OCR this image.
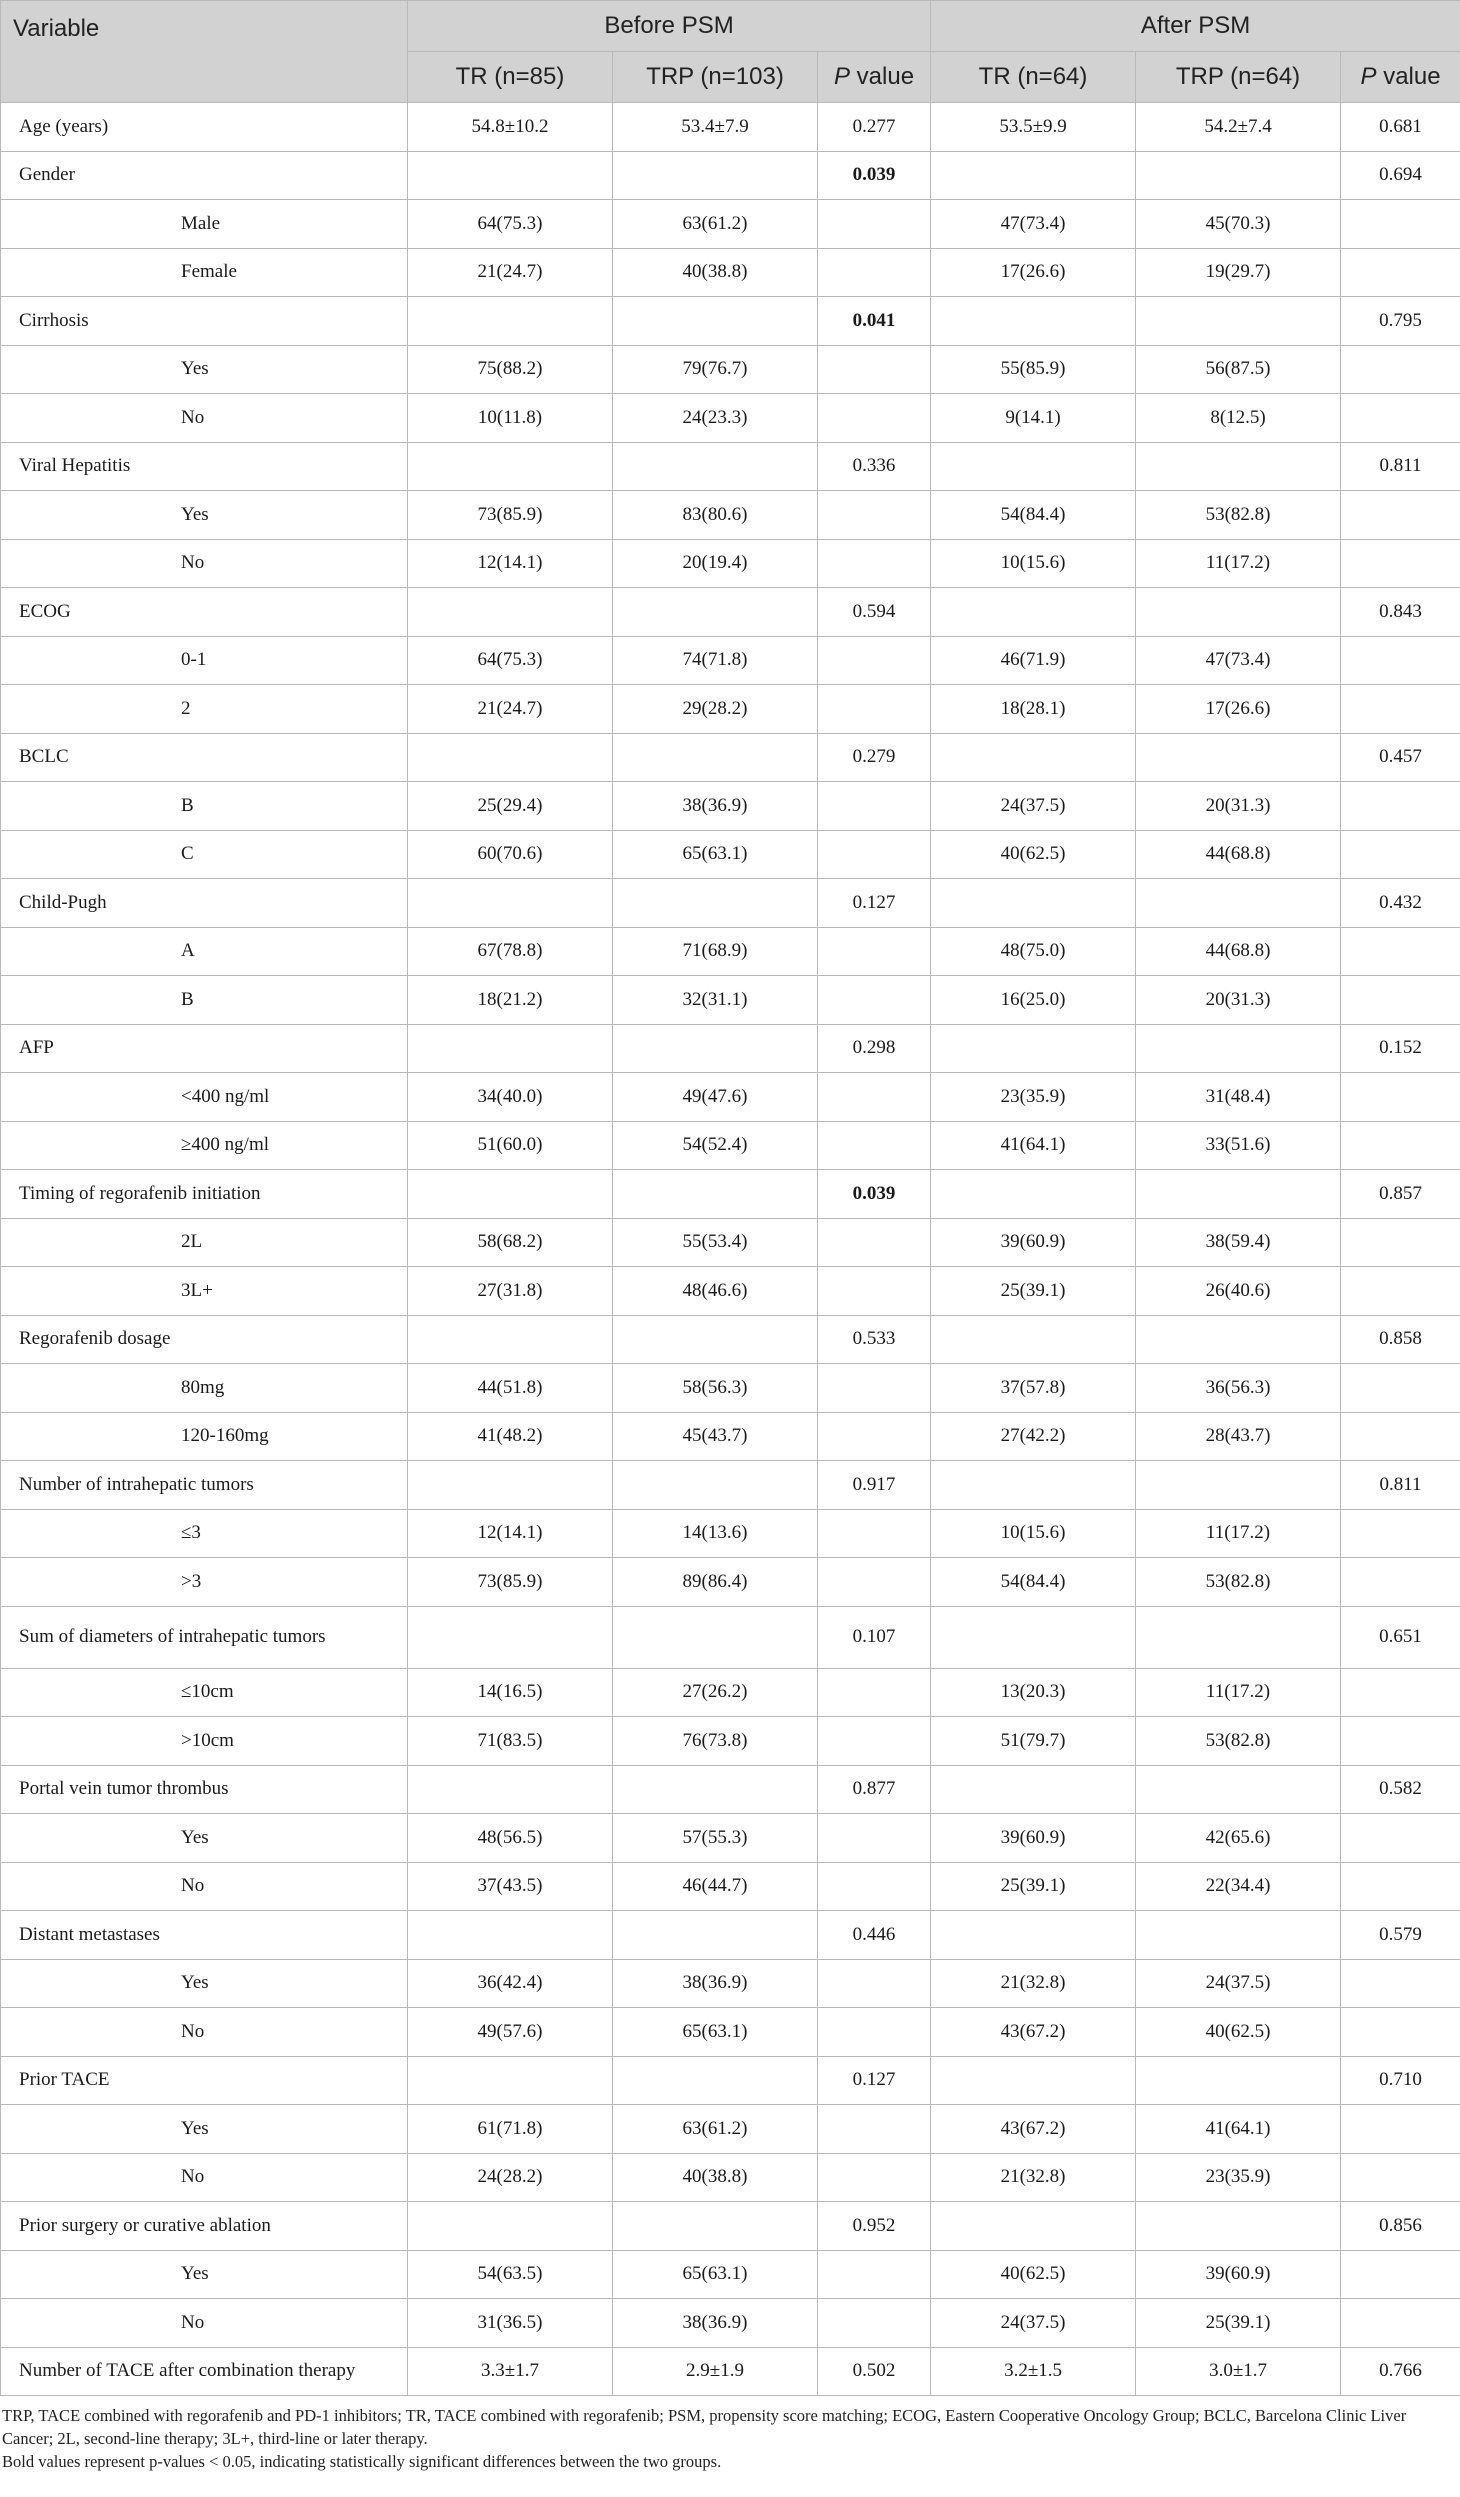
Variable	Before PSM			After PSM		
	TR (n=85)	TRP (n=103)	P value	TR (n=64)	TRP (n=64)	P value
Age (years)	54.8±10.2	53.4±7.9	0.277	53.5±9.9	54.2±7.4	0.681
Gender			0.039			0.694
Male	64(75.3)	63(61.2)		47(73.4)	45(70.3)	
Female	21(24.7)	40(38.8)		17(26.6)	19(29.7)	
Cirrhosis			0.041			0.795
Yes	75(88.2)	79(76.7)		55(85.9)	56(87.5)	
No	10(11.8)	24(23.3)		9(14.1)	8(12.5)	
Viral Hepatitis			0.336			0.811
Yes	73(85.9)	83(80.6)		54(84.4)	53(82.8)	
No	12(14.1)	20(19.4)		10(15.6)	11(17.2)	
ECOG			0.594			0.843
0-1	64(75.3)	74(71.8)		46(71.9)	47(73.4)	
2	21(24.7)	29(28.2)		18(28.1)	17(26.6)	
BCLC			0.279			0.457
B	25(29.4)	38(36.9)		24(37.5)	20(31.3)	
C	60(70.6)	65(63.1)		40(62.5)	44(68.8)	
Child-Pugh			0.127			0.432
A	67(78.8)	71(68.9)		48(75.0)	44(68.8)	
B	18(21.2)	32(31.1)		16(25.0)	20(31.3)	
AFP			0.298			0.152
<400 ng/ml	34(40.0)	49(47.6)		23(35.9)	31(48.4)	
≥400 ng/ml	51(60.0)	54(52.4)		41(64.1)	33(51.6)	
Timing of regorafenib initiation			0.039			0.857
2L	58(68.2)	55(53.4)		39(60.9)	38(59.4)	
3L+	27(31.8)	48(46.6)		25(39.1)	26(40.6)	
Regorafenib dosage			0.533			0.858
80mg	44(51.8)	58(56.3)		37(57.8)	36(56.3)	
120-160mg	41(48.2)	45(43.7)		27(42.2)	28(43.7)	
Number of intrahepatic tumors			0.917			0.811
≤3	12(14.1)	14(13.6)		10(15.6)	11(17.2)	
>3	73(85.9)	89(86.4)		54(84.4)	53(82.8)	
Sum of diameters of intrahepatic tumors			0.107			0.651
≤10cm	14(16.5)	27(26.2)		13(20.3)	11(17.2)	
>10cm	71(83.5)	76(73.8)		51(79.7)	53(82.8)	
Portal vein tumor thrombus			0.877			0.582
Yes	48(56.5)	57(55.3)		39(60.9)	42(65.6)	
No	37(43.5)	46(44.7)		25(39.1)	22(34.4)	
Distant metastases			0.446			0.579
Yes	36(42.4)	38(36.9)		21(32.8)	24(37.5)	
No	49(57.6)	65(63.1)		43(67.2)	40(62.5)	
Prior TACE			0.127			0.710
Yes	61(71.8)	63(61.2)		43(67.2)	41(64.1)	
No	24(28.2)	40(38.8)		21(32.8)	23(35.9)	
Prior surgery or curative ablation			0.952			0.856
Yes	54(63.5)	65(63.1)		40(62.5)	39(60.9)	
No	31(36.5)	38(36.9)		24(37.5)	25(39.1)	
Number of TACE after combination therapy	3.3±1.7	2.9±1.9	0.502	3.2±1.5	3.0±1.7	0.766
TRP, TACE combined with regorafenib and PD-1 inhibitors; TR, TACE combined with regorafenib; PSM, propensity score matching; ECOG, Eastern Cooperative Oncology Group; BCLC, Barcelona Clinic Liver Cancer; 2L, second-line therapy; 3L+, third-line or later therapy.
Bold values represent p-values < 0.05, indicating statistically significant differences between the two groups.
